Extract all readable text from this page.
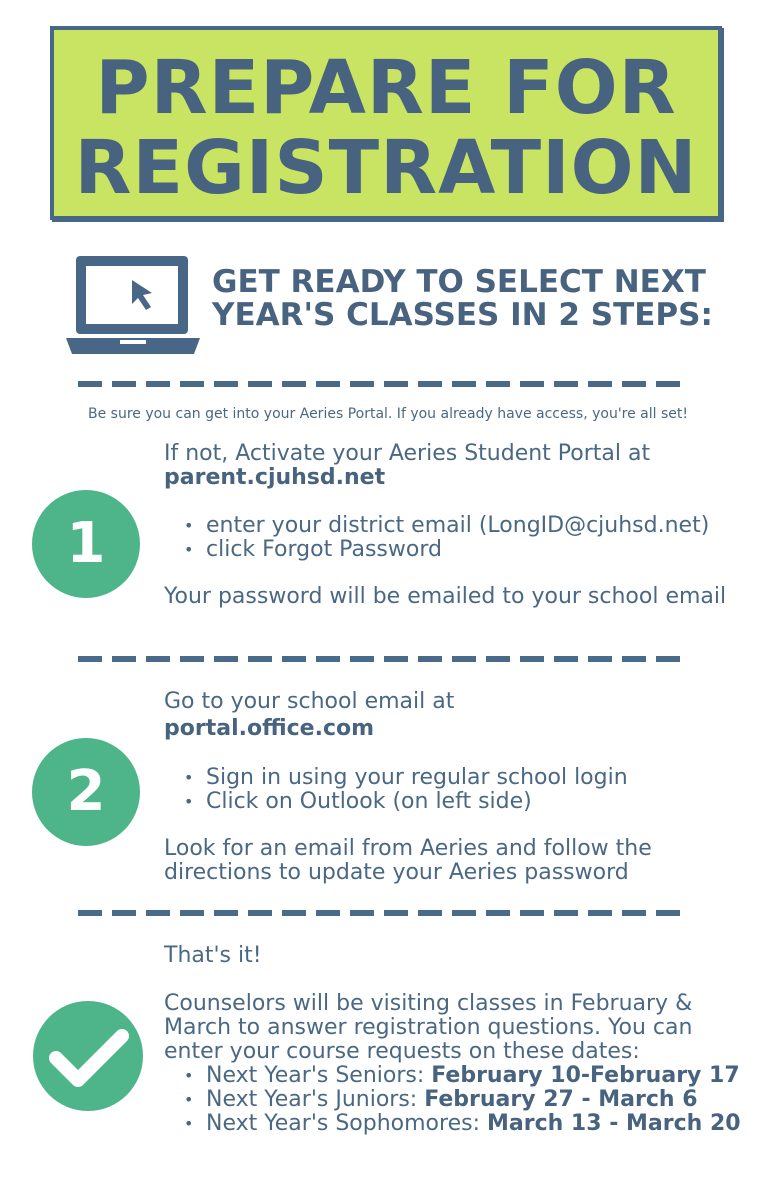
PREPARE FOR
REGISTRATION
GET READY TO SELECT NEXT
YEAR'S CLASSES IN 2 STEPS:
Be sure you can get into your Aeries Portal. If you already have access, you're all set!
1
If not, Activate your Aeries Student Portal at
parent.cjuhsd.net
• enter your district email (LongID@cjuhsd.net)
• click Forgot Password
Your password will be emailed to your school email
2
Go to your school email at
portal.office.com
• Sign in using your regular school login
• Click on Outlook (on left side)
Look for an email from Aeries and follow the
directions to update your Aeries password
That's it!
Counselors will be visiting classes in February &
March to answer registration questions. You can
enter your course requests on these dates:
• Next Year's Seniors: February 10-February 17
• Next Year's Juniors: February 27 - March 6
• Next Year's Sophomores: March 13 - March 20
